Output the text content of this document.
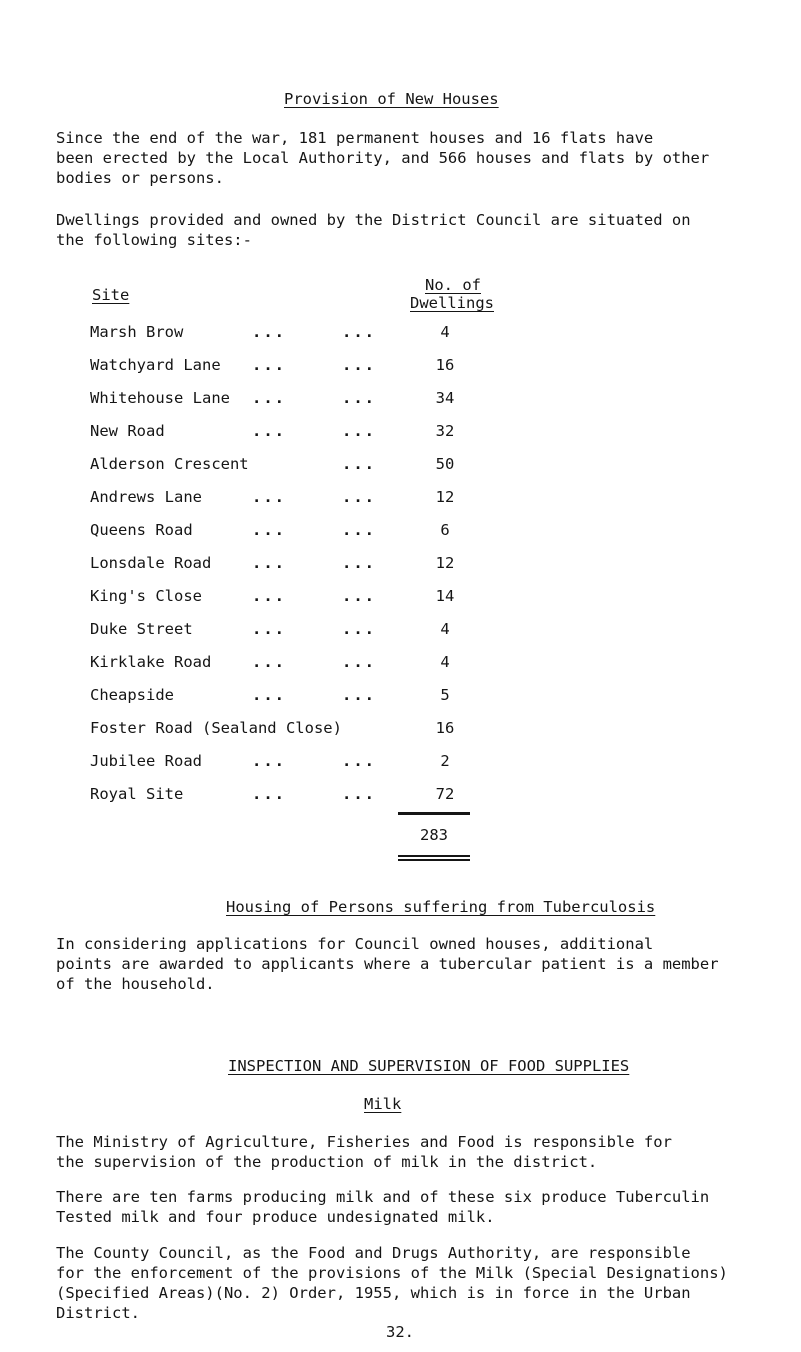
Provision of New Houses
Since the end of the war, 181 permanent houses and 16 flats have
been erected by the Local Authority, and 566 houses and flats by other
bodies or persons.
Dwellings provided and owned by the District Council are situated on
the following sites:-
Site
No. of
Dwellings
Marsh Brow	...	...	4
Watchyard Lane ...	...	16
Whitehouse Lane ...	...	34
New Road	...	...	32
Alderson Crescent	...	50
Andrews Lane	...	...	12
Queens Road	...	...	6
Lonsdale Road	...	...	12
King's Close	...	...	14
Duke Street	...	...	4
Kirklake Road	...	...	4
Cheapside	...	...	5
Foster Road (Sealand Close)	16
Jubilee Road	...	...	2
Royal Site	...	...	72
283
Housing of Persons suffering from Tuberculosis
In considering applications for Council owned houses, additional
points are awarded to applicants where a tubercular patient is a member
of the household.
INSPECTION AND SUPERVISION OF FOOD SUPPLIES
Milk
The Ministry of Agriculture, Fisheries and Food is responsible for
the supervision of the production of milk in the district.
There are ten farms producing milk and of these six produce Tuberculin
Tested milk and four produce undesignated milk.
The County Council, as the Food and Drugs Authority, are responsible
for the enforcement of the provisions of the Milk (Special Designations)
(Specified Areas)(No. 2) Order, 1955, which is in force in the Urban District.
32.
